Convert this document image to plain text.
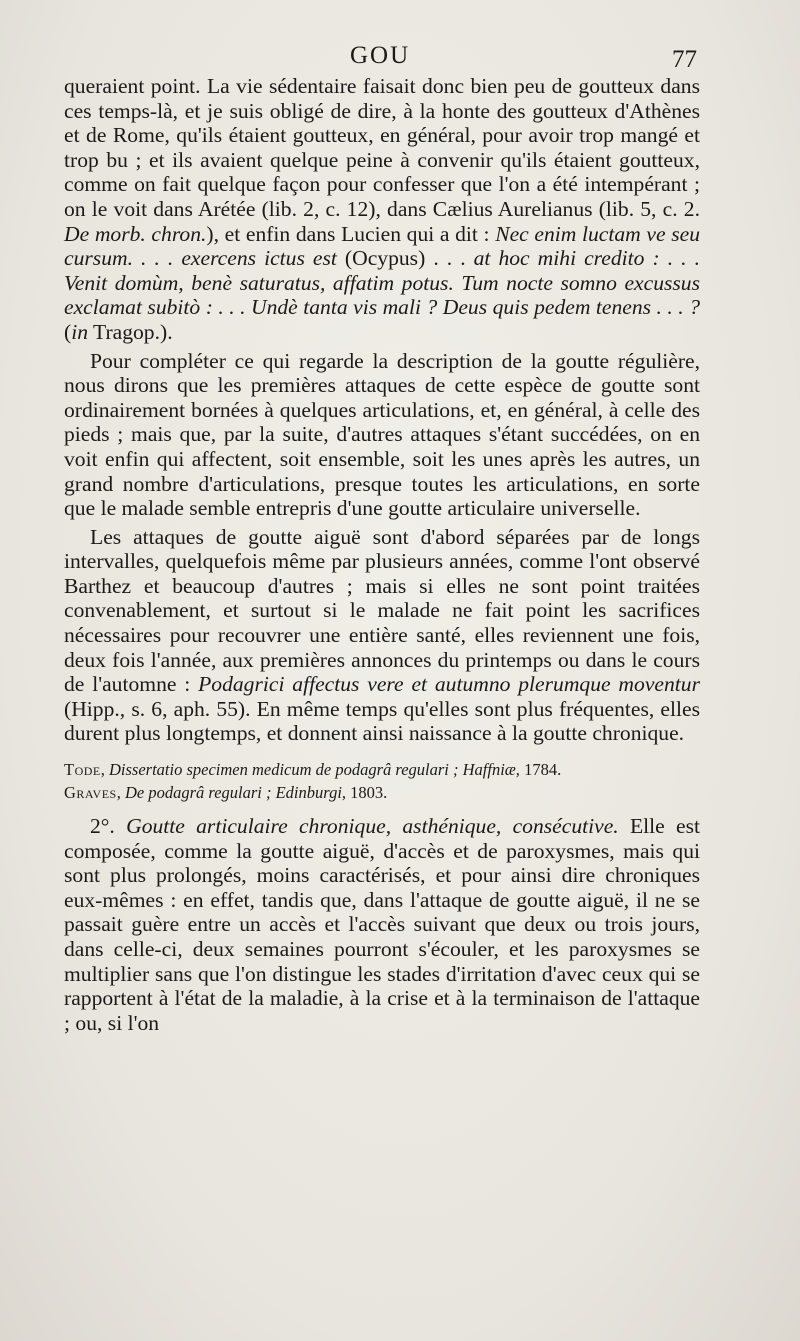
GOU	77

queraient point. La vie sédentaire faisait donc bien peu de goutteux dans ces temps-là, et je suis obligé de dire, à la honte des goutteux d'Athènes et de Rome, qu'ils étaient goutteux, en général, pour avoir trop mangé et trop bu ; et ils avaient quelque peine à convenir qu'ils étaient goutteux, comme on fait quelque façon pour confesser que l'on a été intempérant ; on le voit dans Arétée (lib. 2, c. 12), dans Cælius Aurelianus (lib. 5, c. 2. De morb. chron.), et enfin dans Lucien qui a dit : Nec enim luctam ve seu cursum. . . . exercens ictus est (Ocypus) . . . at hoc mihi credito : . . . Venit domùm, benè saturatus, affatim potus. Tum nocte somno excussus exclamat subitò : . . . Undè tanta vis mali ? Deus quis pedem tenens . . . ? (in Tragop.).

Pour compléter ce qui regarde la description de la goutte régulière, nous dirons que les premières attaques de cette espèce de goutte sont ordinairement bornées à quelques articulations, et, en général, à celle des pieds ; mais que, par la suite, d'autres attaques s'étant succédées, on en voit enfin qui affectent, soit ensemble, soit les unes après les autres, un grand nombre d'articulations, presque toutes les articulations, en sorte que le malade semble entrepris d'une goutte articulaire universelle.

Les attaques de goutte aiguë sont d'abord séparées par de longs intervalles, quelquefois même par plusieurs années, comme l'ont observé Barthez et beaucoup d'autres ; mais si elles ne sont point traitées convenablement, et surtout si le malade ne fait point les sacrifices nécessaires pour recouvrer une entière santé, elles reviennent une fois, deux fois l'année, aux premières annonces du printemps ou dans le cours de l'automne : Podagrici affectus vere et autumno plerumque moventur (Hipp., s. 6, aph. 55). En même temps qu'elles sont plus fréquentes, elles durent plus longtemps, et donnent ainsi naissance à la goutte chronique.

Tode, Dissertatio specimen medicum de podagrâ regulari ; Haffniæ, 1784.
Graves, De podagrâ regulari ; Edinburgi, 1803.

2°. Goutte articulaire chronique, asthénique, consécutive. Elle est composée, comme la goutte aiguë, d'accès et de paroxysmes, mais qui sont plus prolongés, moins caractérisés, et pour ainsi dire chroniques eux-mêmes : en effet, tandis que, dans l'attaque de goutte aiguë, il ne se passait guère entre un accès et l'accès suivant que deux ou trois jours, dans celle-ci, deux semaines pourront s'écouler, et les paroxysmes se multiplier sans que l'on distingue les stades d'irritation d'avec ceux qui se rapportent à l'état de la maladie, à la crise et à la terminaison de l'attaque ; ou, si l'on
